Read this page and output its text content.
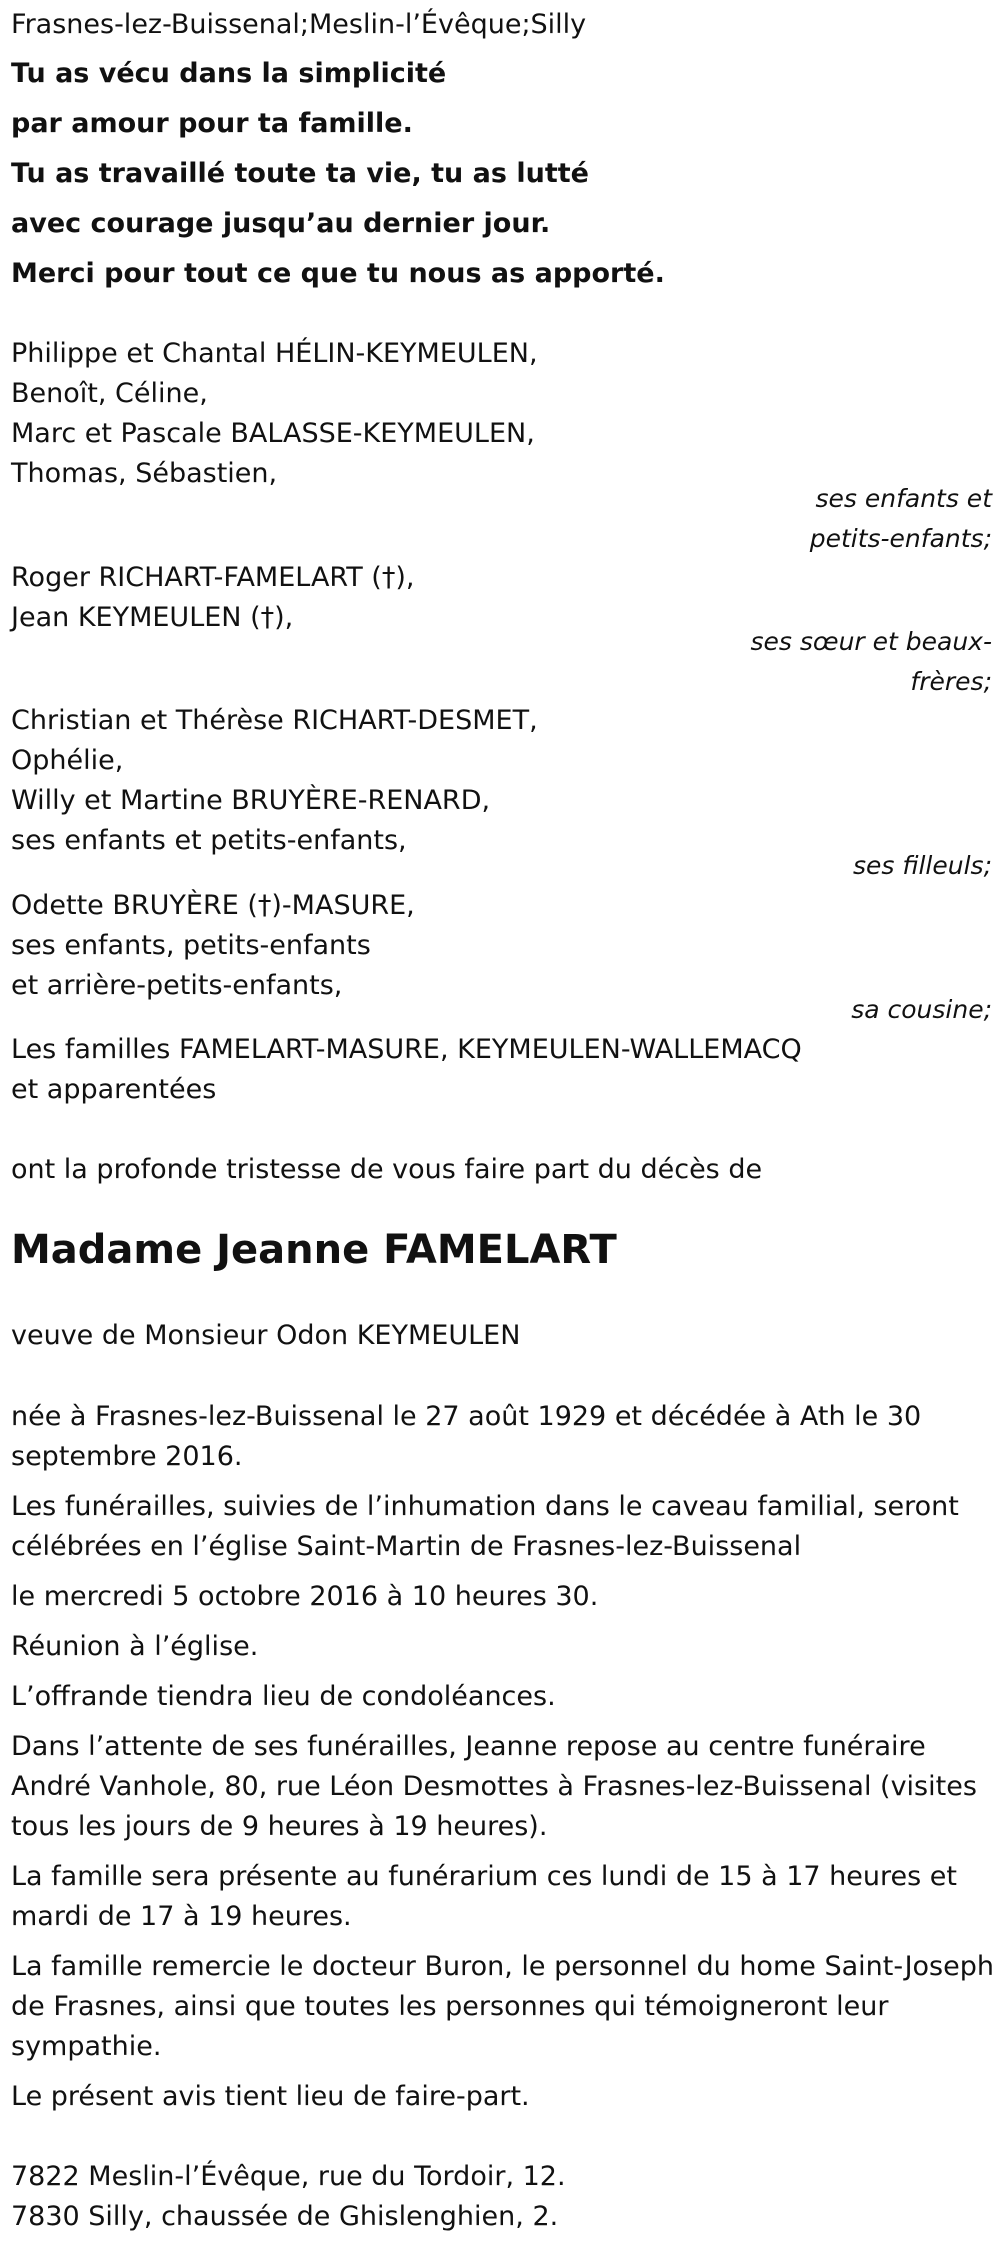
Frasnes-lez-Buissenal;Meslin-l’Évêque;Silly

Tu as vécu dans la simplicité

par amour pour ta famille.

Tu as travaillé toute ta vie, tu as lutté

avec courage jusqu’au dernier jour.

Merci pour tout ce que tu nous as apporté.

Philippe et Chantal HÉLIN-KEYMEULEN,

Benoît, Céline,

Marc et Pascale BALASSE-KEYMEULEN,

Thomas, Sébastien,

ses enfants et

petits-enfants;

Roger RICHART-FAMELART (†),

Jean KEYMEULEN (†),

ses sœur et beaux-

frères;

Christian et Thérèse RICHART-DESMET,

Ophélie,

Willy et Martine BRUYÈRE-RENARD,

ses enfants et petits-enfants,

ses filleuls;

Odette BRUYÈRE (†)-MASURE,

ses enfants, petits-enfants

et arrière-petits-enfants,

sa cousine;

Les familles FAMELART-MASURE, KEYMEULEN-WALLEMACQ

et apparentées

ont la profonde tristesse de vous faire part du décès de

Madame Jeanne FAMELART

veuve de Monsieur Odon KEYMEULEN

née à Frasnes-lez-Buissenal le 27 août 1929 et décédée à Ath le 30

septembre 2016.

Les funérailles, suivies de l’inhumation dans le caveau familial, seront

célébrées en l’église Saint-Martin de Frasnes-lez-Buissenal

le mercredi 5 octobre 2016 à 10 heures 30.

Réunion à l’église.

L’offrande tiendra lieu de condoléances.

Dans l’attente de ses funérailles, Jeanne repose au centre funéraire

André Vanhole, 80, rue Léon Desmottes à Frasnes-lez-Buissenal (visites

tous les jours de 9 heures à 19 heures).

La famille sera présente au funérarium ces lundi de 15 à 17 heures et

mardi de 17 à 19 heures.

La famille remercie le docteur Buron, le personnel du home Saint-Joseph

de Frasnes, ainsi que toutes les personnes qui témoigneront leur

sympathie.

Le présent avis tient lieu de faire-part.

7822 Meslin-l’Évêque, rue du Tordoir, 12.

7830 Silly, chaussée de Ghislenghien, 2.
